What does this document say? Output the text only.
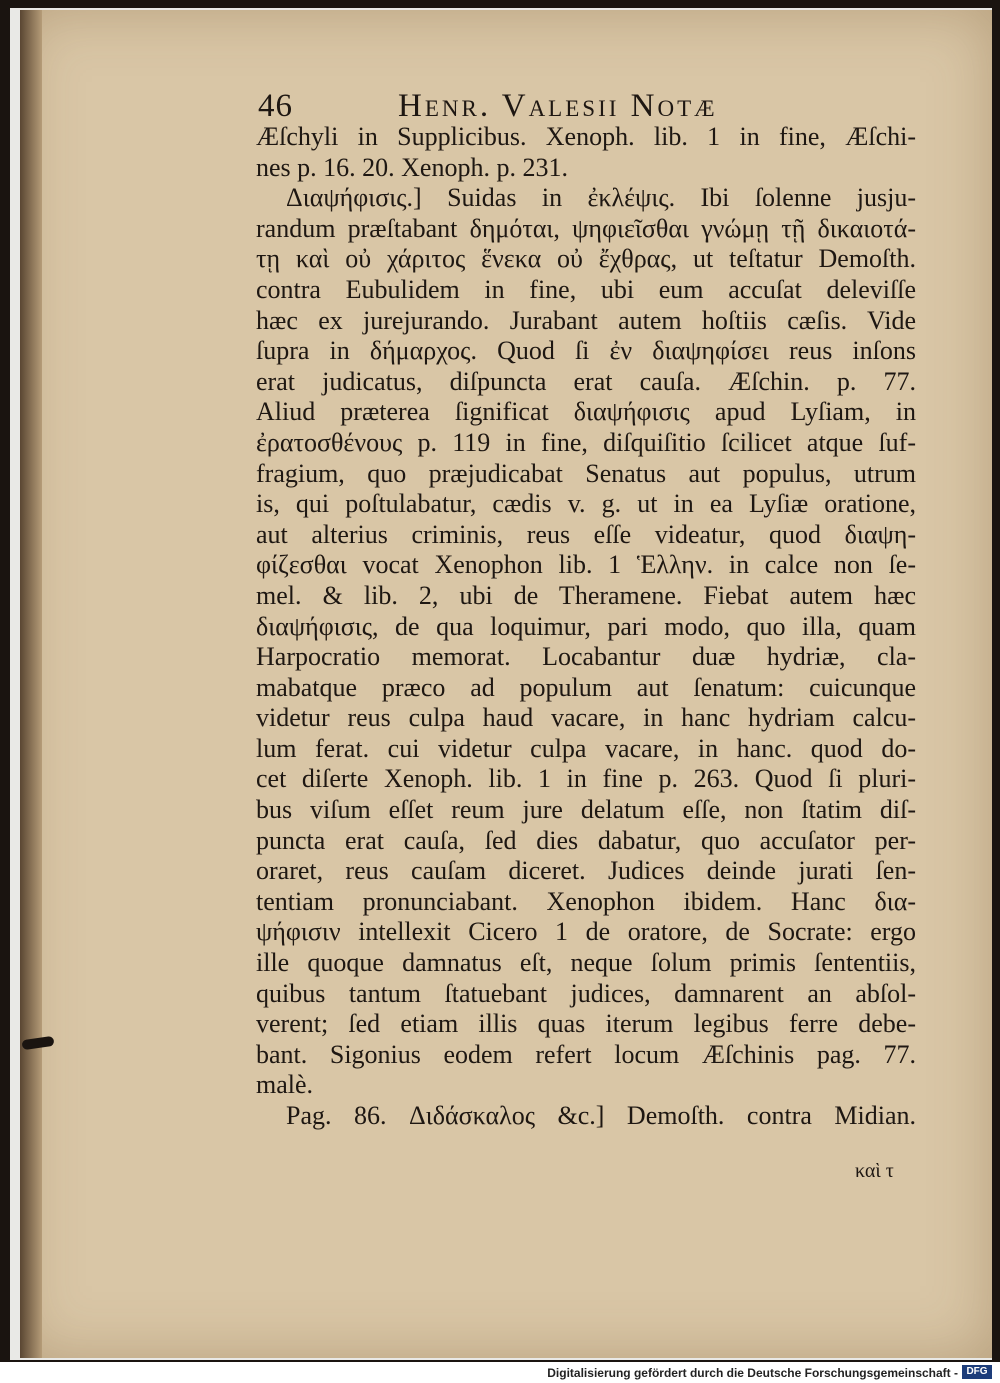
46	Henr. Valesii Notæ
Æſchyli in Supplicibus. Xenoph. lib. 1 in fine, Æſchi-
nes p. 16. 20. Xenoph. p. 231.
Διαψήφισις.] Suidas in ἐκλέψις. Ibi ſolenne jusju-
randum præſtabant δημόται, ψηφιεῖσθαι γνώμῃ τῇ δικαιοτά-
τῃ καὶ οὐ χάριτος ἕνεκα οὐ ἔχθρας, ut teſtatur Demoſth.
contra Eubulidem in fine, ubi eum accuſat deleviſſe
hæc ex jurejurando. Jurabant autem hoſtiis cæſis. Vide
ſupra in δήμαρχος. Quod ſi ἐν διαψηφίσει reus inſons
erat judicatus, diſpuncta erat cauſa. Æſchin. p. 77.
Aliud præterea ſignificat διαψήφισις apud Lyſiam, in
ἐρατοσθένους p. 119 in fine, diſquiſitio ſcilicet atque ſuf-
fragium, quo præjudicabat Senatus aut populus, utrum
is, qui poſtulabatur, cædis v. g. ut in ea Lyſiæ oratione,
aut alterius criminis, reus eſſe videatur, quod διαψη-
φίζεσθαι vocat Xenophon lib. 1 Ἑλλην. in calce non ſe-
mel. & lib. 2, ubi de Theramene. Fiebat autem hæc
διαψήφισις, de qua loquimur, pari modo, quo illa, quam
Harpocratio memorat. Locabantur duæ hydriæ, cla-
mabatque præco ad populum aut ſenatum: cuicunque
videtur reus culpa haud vacare, in hanc hydriam calcu-
lum ferat. cui videtur culpa vacare, in hanc. quod do-
cet diſerte Xenoph. lib. 1 in fine p. 263. Quod ſi pluri-
bus viſum eſſet reum jure delatum eſſe, non ſtatim diſ-
puncta erat cauſa, ſed dies dabatur, quo accuſator per-
oraret, reus cauſam diceret. Judices deinde jurati ſen-
tentiam pronunciabant. Xenophon ibidem. Hanc δια-
ψήφισιν intellexit Cicero 1 de oratore, de Socrate: ergo
ille quoque damnatus eſt, neque ſolum primis ſententiis,
quibus tantum ſtatuebant judices, damnarent an abſol-
verent; ſed etiam illis quas iterum legibus ferre debe-
bant. Sigonius eodem refert locum Æſchinis pag. 77.
malè.
Pag. 86. Διδάσκαλος &c.] Demoſth. contra Midian.
καὶ τ
Digitalisierung gefördert durch die Deutsche Forschungsgemeinschaft - DFG
